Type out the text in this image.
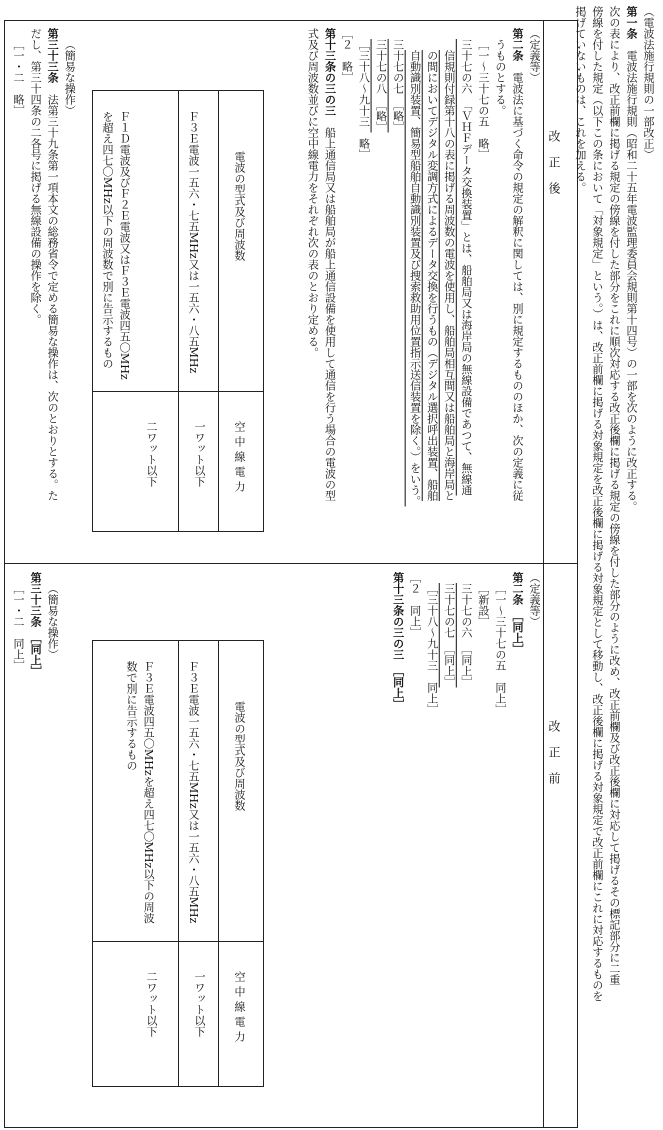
（電波法施行規則の一部改正）
第一条　電波法施行規則（昭和二十五年電波監理委員会規則第十四号）の一部を次のように改正する。
次の表により、改正前欄に掲げる規定の傍線を付した部分をこれに順次対応する改正後欄に掲げる規定の傍線を付した部分のように改め、改正前欄及び改正後欄に対応して掲げるその標記部分に二重
傍線を付した規定（以下この条において「対象規定」という。）は、改正前欄に掲げる対象規定を改正後欄に掲げる対象規定として移動し、改正後欄に掲げる対象規定で改正前欄にこれに対応するものを
掲げていないものは、これを加える。
改正後
改正前
（定義等）
第二条　電波法に基づく命令の規定の解釈に関しては、別に規定するもののほか、次の定義に従
うものとする。
［一～三十七の五　略］
三十七の六　「ＶＨＦデータ交換装置」とは、船舶局又は海岸局の無線設備であつて、無線通
信規則付録第十八の表に掲げる周波数の電波を使用し、船舶局相互間又は船舶局と海岸局と
の間においてデジタル変調方式によるデータ交換を行うもの（デジタル選択呼出装置、船舶
自動識別装置、簡易型船舶自動識別装置及び捜索救助用位置指示送信装置を除く。）をいう。
三十七の七　［略］
三十七の八　［略］
［三十八～九十三　略］
［２　略］
第十三条の三の三　船上通信局又は船舶局が船上通信設備を使用して通信を行う場合の電波の型
式及び周波数並びに空中線電力をそれぞれ次の表のとおり定める。
電波の型式及び周波数
空中線電力
Ｆ３Ｅ電波一五六・七五MHz又は一五六・八五MHz
一ワット以下
Ｆ１Ｄ電波及びＦ２Ｅ電波又はＦ３Ｅ電波四五〇MHzを超え四七〇MHz以下の周波数で別に告示するもの
二ワット以下
（簡易な操作）
第三十三条　法第三十九条第一項本文の総務省令で定める簡易な操作は、次のとおりとする。た
だし、第三十四条の二各号に掲げる無線設備の操作を除く。
［一・二　略］
（定義等）
第二条　［同上］
［一～三十七の五　同上］
［新設］
三十七の六　［同上］
三十七の七　［同上］
［三十八～九十三　同上］
［２　同上］
第十三条の三の三　［同上］
電波の型式及び周波数
空中線電力
Ｆ３Ｅ電波一五六・七五MHz又は一五六・八五MHz
一ワット以下
Ｆ３Ｅ電波四五〇MHzを超え四七〇MHz以下の周波数で別に告示するもの
二ワット以下
（簡易な操作）
第三十三条　［同上］
［一・二　同上］
